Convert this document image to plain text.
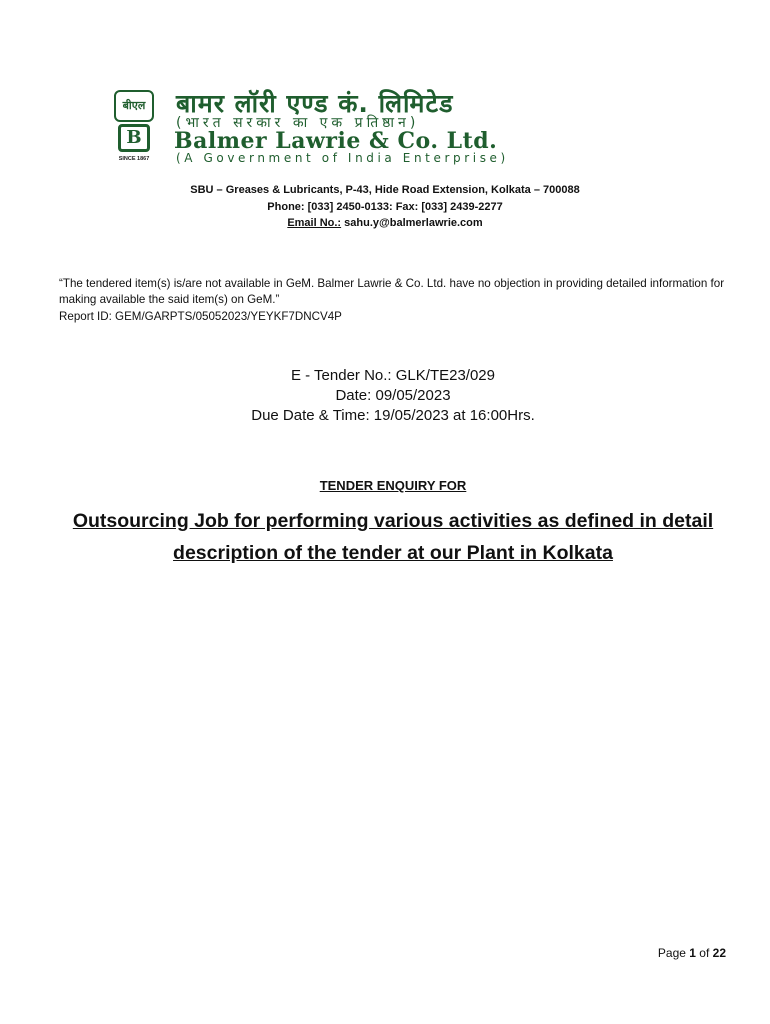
बीएल
B
SINCE 1867
बामर लॉरी एण्ड कं. लिमिटेड
(भारत सरकार का एक प्रतिष्ठान)
Balmer Lawrie & Co. Ltd.
(A Government of India Enterprise)
SBU – Greases & Lubricants, P-43, Hide Road Extension, Kolkata – 700088
Phone: [033] 2450-0133: Fax: [033] 2439-2277
Email No.: sahu.y@balmerlawrie.com
“The tendered item(s) is/are not available in GeM. Balmer Lawrie & Co. Ltd. have no objection in providing detailed information for making available the said item(s) on GeM.”
Report ID: GEM/GARPTS/05052023/YEYKF7DNCV4P
E - Tender No.: GLK/TE23/029
Date: 09/05/2023
Due Date & Time: 19/05/2023 at 16:00Hrs.
TENDER ENQUIRY FOR
Outsourcing Job for performing various activities as defined in detail description of the tender at our Plant in Kolkata
Page 1 of 22
